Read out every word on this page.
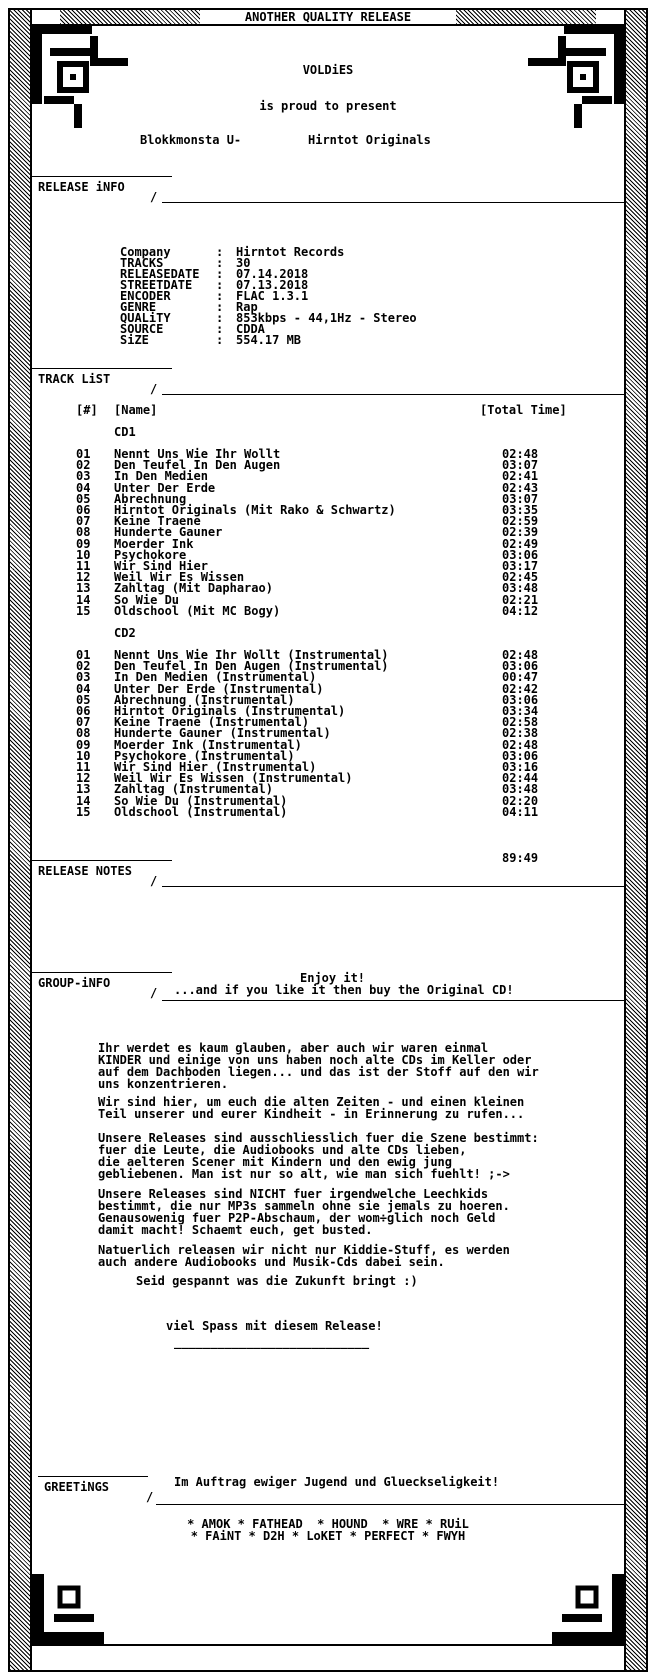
ANOTHER QUALITY RELEASE
VOLDiES
is proud to present
Blokkmonsta U-	Hirntot Originals
RELEASE iNFO
/
Company	: Hirntot Records
TRACKS	: 30
RELEASEDATE : 07.14.2018
STREETDATE : 07.13.2018
ENCODER	: FLAC 1.3.1
GENRE	: Rap
QUALiTY	: 853kbps - 44,1Hz - Stereo
SOURCE	: CDDA
SiZE	: 554.17 MB
TRACK LiST
/
[#] [Name]	[Total Time]
CD1
01 Nennt Uns Wie Ihr Wollt	02:48
02 Den Teufel In Den Augen	03:07
03 In Den Medien	02:41
04 Unter Der Erde	02:43
05 Abrechnung	03:07
06 Hirntot Originals (Mit Rako & Schwartz)	03:35
07 Keine Traene	02:59
08 Hunderte Gauner	02:39
09 Moerder Ink	02:49
10 Psychokore	03:06
11 Wir Sind Hier	03:17
12 Weil Wir Es Wissen	02:45
13 Zahltag (Mit Dapharao)	03:48
14 So Wie Du	02:21
15 Oldschool (Mit MC Bogy)	04:12
CD2
01 Nennt Uns Wie Ihr Wollt (Instrumental)	02:48
02 Den Teufel In Den Augen (Instrumental)	03:06
03 In Den Medien (Instrumental)	00:47
04 Unter Der Erde (Instrumental)	02:42
05 Abrechnung (Instrumental)	03:06
06 Hirntot Originals (Instrumental)	03:34
07 Keine Traene (Instrumental)	02:58
08 Hunderte Gauner (Instrumental)	02:38
09 Moerder Ink (Instrumental)	02:48
10 Psychokore (Instrumental)	03:06
11 Wir Sind Hier (Instrumental)	03:16
12 Weil Wir Es Wissen (Instrumental)	02:44
13 Zahltag (Instrumental)	03:48
14 So Wie Du (Instrumental)	02:20
15 Oldschool (Instrumental)	04:11
89:49
RELEASE NOTES
/
GROUP-iNFO
/
Enjoy it!
...and if you like it then buy the Original CD!
Ihr werdet es kaum glauben, aber auch wir waren einmal
KINDER und einige von uns haben noch alte CDs im Keller oder
auf dem Dachboden liegen... und das ist der Stoff auf den wir
uns konzentrieren.
Wir sind hier, um euch die alten Zeiten - und einen kleinen
Teil unserer und eurer Kindheit - in Erinnerung zu rufen...
Unsere Releases sind ausschliesslich fuer die Szene bestimmt:
fuer die Leute, die Audiobooks und alte CDs lieben,
die aelteren Scener mit Kindern und den ewig jung
gebliebenen. Man ist nur so alt, wie man sich fuehlt! ;->
Unsere Releases sind NICHT fuer irgendwelche Leechkids
bestimmt, die nur MP3s sammeln ohne sie jemals zu hoeren.
Genausowenig fuer P2P-Abschaum, der wom÷glich noch Geld
damit macht! Schaemt euch, get busted.
Natuerlich releasen wir nicht nur Kiddie-Stuff, es werden
auch andere Audiobooks und Musik-Cds dabei sein.
Seid gespannt was die Zukunft bringt :)
viel Spass mit diesem Release!
___________________________
GREETiNGS
/
Im Auftrag ewiger Jugend und Glueckseligkeit!
* AMOK * FATHEAD  * HOUND  * WRE * RUiL
* FAiNT * D2H * LoKET * PERFECT * FWYH
